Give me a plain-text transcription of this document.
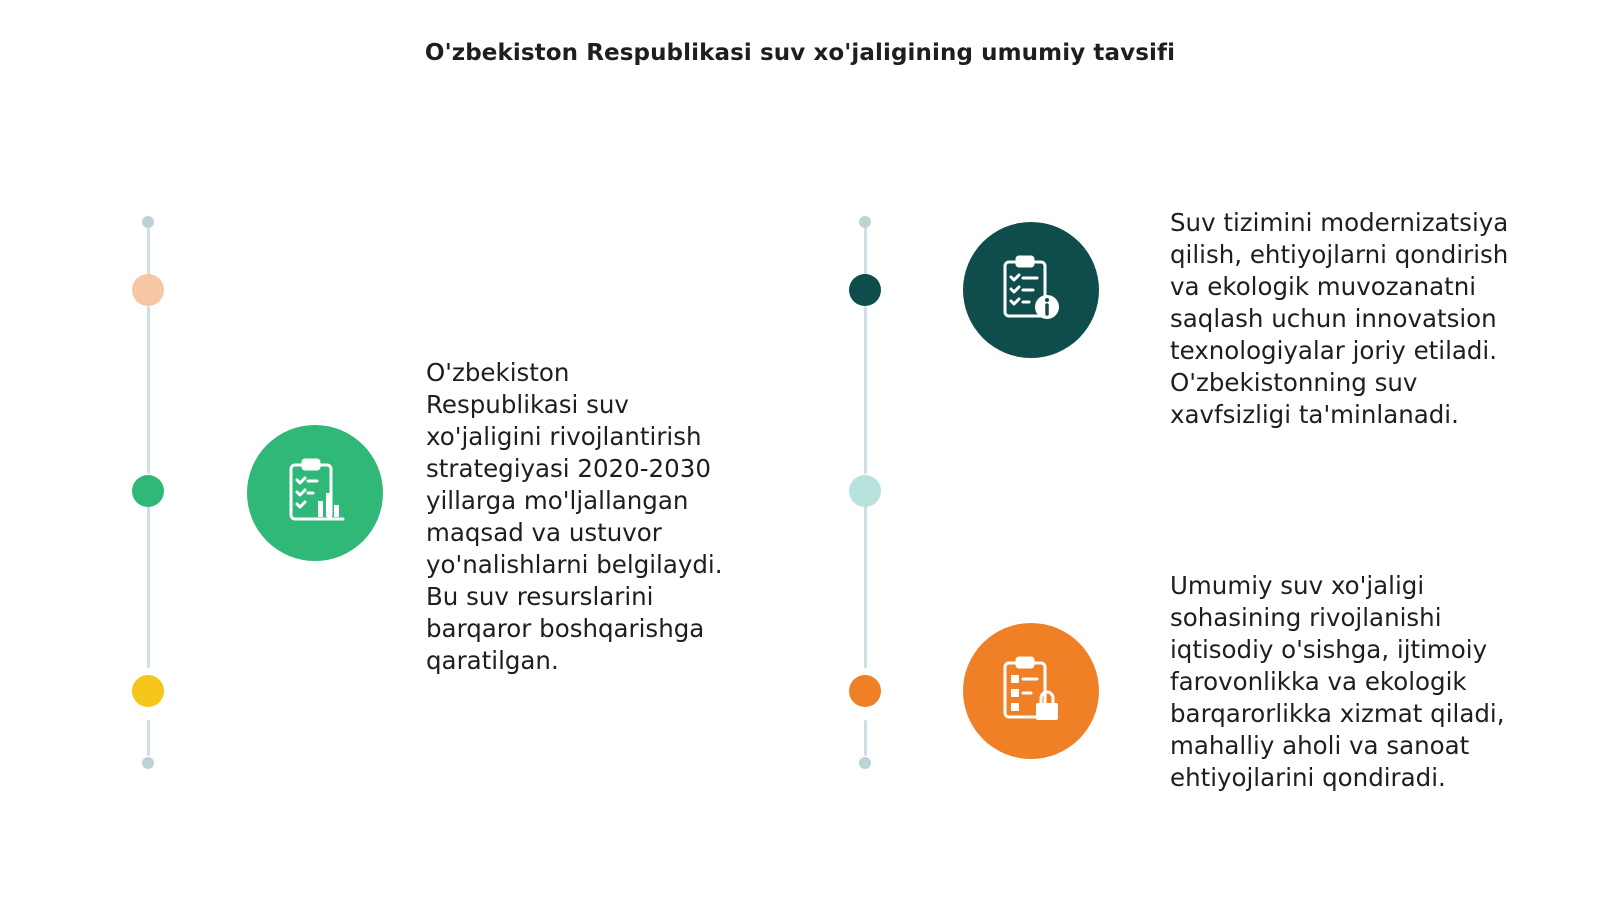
O'zbekiston Respublikasi suv xo'jaligining umumiy tavsifi
O'zbekiston
Respublikasi suv
xo'jaligini rivojlantirish
strategiyasi 2020-2030
yillarga mo'ljallangan
maqsad va ustuvor
yo'nalishlarni belgilaydi.
Bu suv resurslarini
barqaror boshqarishga
qaratilgan.
Suv tizimini modernizatsiya
qilish, ehtiyojlarni qondirish
va ekologik muvozanatni
saqlash uchun innovatsion
texnologiyalar joriy etiladi.
O'zbekistonning suv
xavfsizligi ta'minlanadi.
Umumiy suv xo'jaligi
sohasining rivojlanishi
iqtisodiy o'sishga, ijtimoiy
farovonlikka va ekologik
barqarorlikka xizmat qiladi,
mahalliy aholi va sanoat
ehtiyojlarini qondiradi.
